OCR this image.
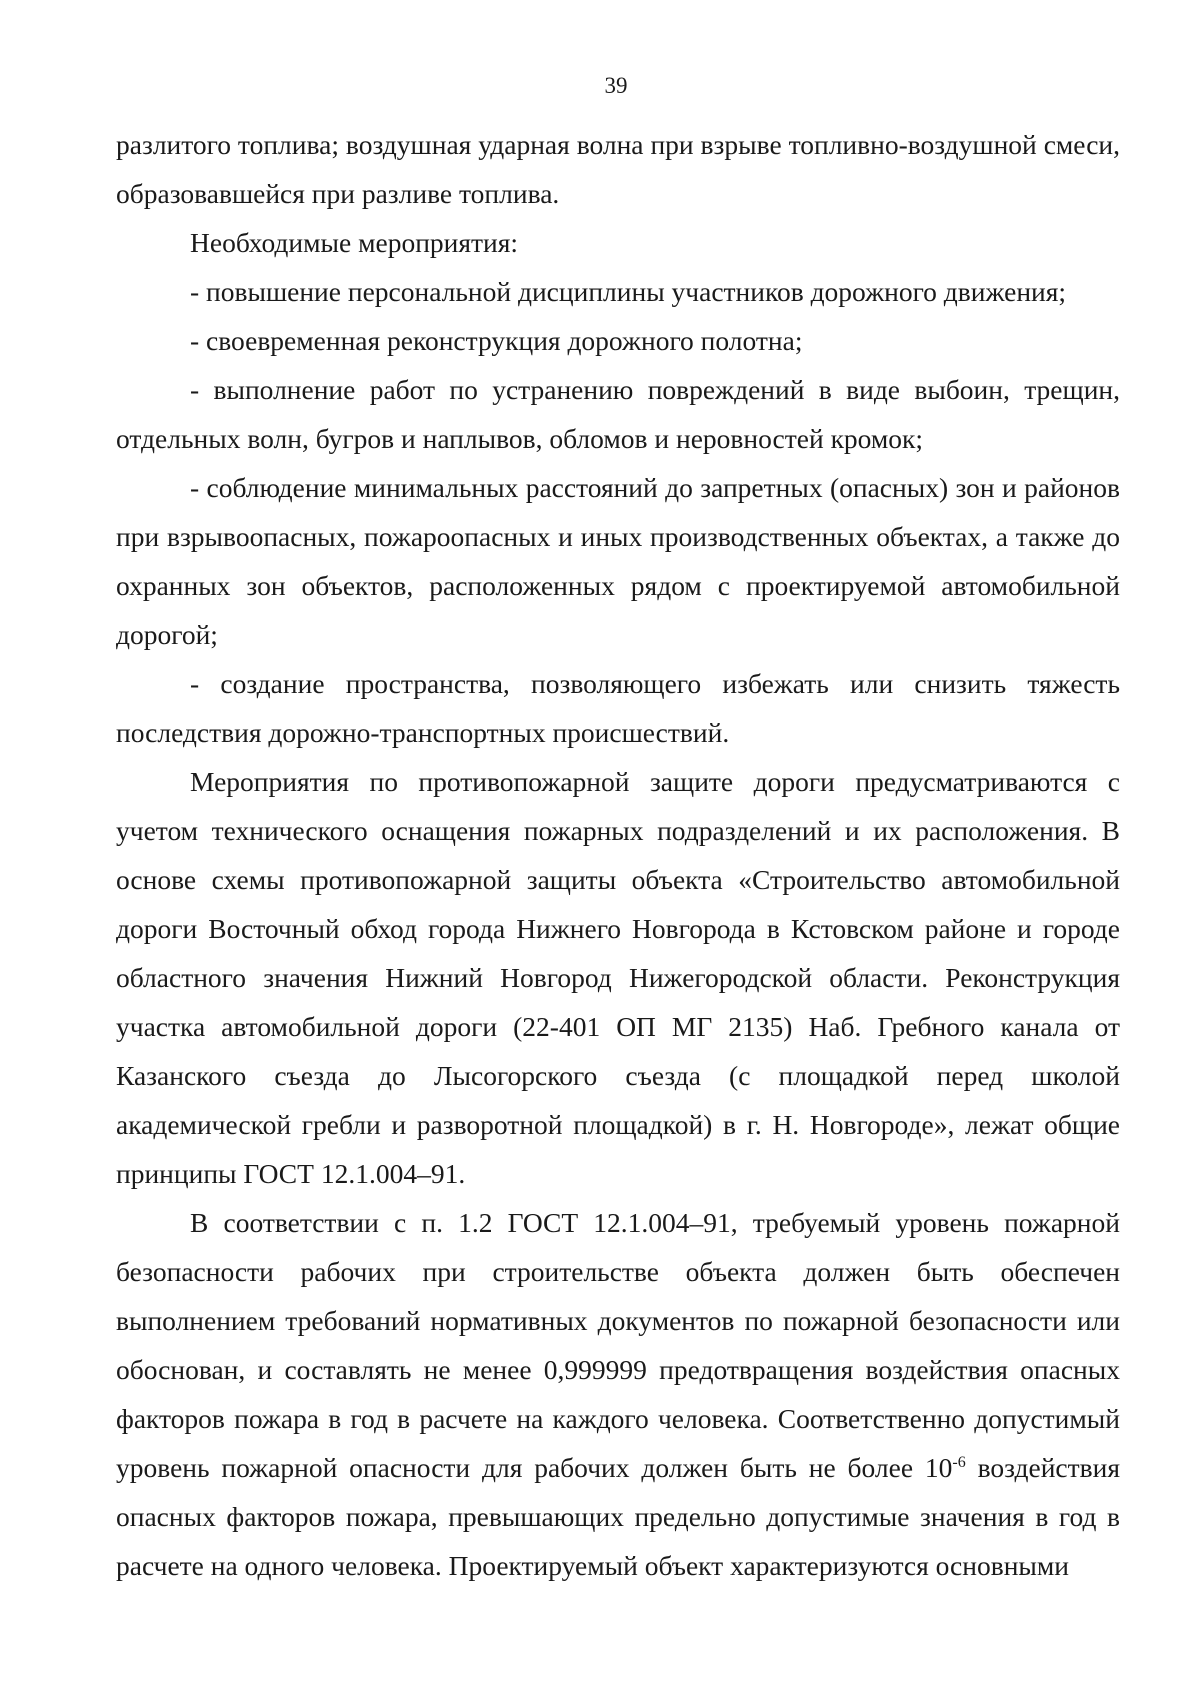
39

разлитого топлива; воздушная ударная волна при взрыве топливно-воздушной смеси, образовавшейся при разливе топлива.

Необходимые мероприятия:

- повышение персональной дисциплины участников дорожного движения;

- своевременная реконструкция дорожного полотна;

- выполнение работ по устранению повреждений в виде выбоин, трещин, отдельных волн, бугров и наплывов, обломов и неровностей кромок;

- соблюдение минимальных расстояний до запретных (опасных) зон и районов при взрывоопасных, пожароопасных и иных производственных объектах, а также до охранных зон объектов, расположенных рядом с проектируемой автомобильной дорогой;

- создание пространства, позволяющего избежать или снизить тяжесть последствия дорожно-транспортных происшествий.

Мероприятия по противопожарной защите дороги предусматриваются с учетом технического оснащения пожарных подразделений и их расположения. В основе схемы противопожарной защиты объекта «Строительство автомобильной дороги Восточный обход города Нижнего Новгорода в Кстовском районе и городе областного значения Нижний Новгород Нижегородской области. Реконструкция участка автомобильной дороги (22-401 ОП МГ 2135) Наб. Гребного канала от Казанского съезда до Лысогорского съезда (с площадкой перед школой академической гребли и разворотной площадкой) в г. Н. Новгороде», лежат общие принципы ГОСТ 12.1.004–91.

В соответствии с п. 1.2 ГОСТ 12.1.004–91, требуемый уровень пожарной безопасности рабочих при строительстве объекта должен быть обеспечен выполнением требований нормативных документов по пожарной безопасности или обоснован, и составлять не менее 0,999999 предотвращения воздействия опасных факторов пожара в год в расчете на каждого человека. Соответственно допустимый уровень пожарной опасности для рабочих должен быть не более $10^{-6}$ воздействия опасных факторов пожара, превышающих предельно допустимые значения в год в расчете на одного человека. Проектируемый объект характеризуются основными
